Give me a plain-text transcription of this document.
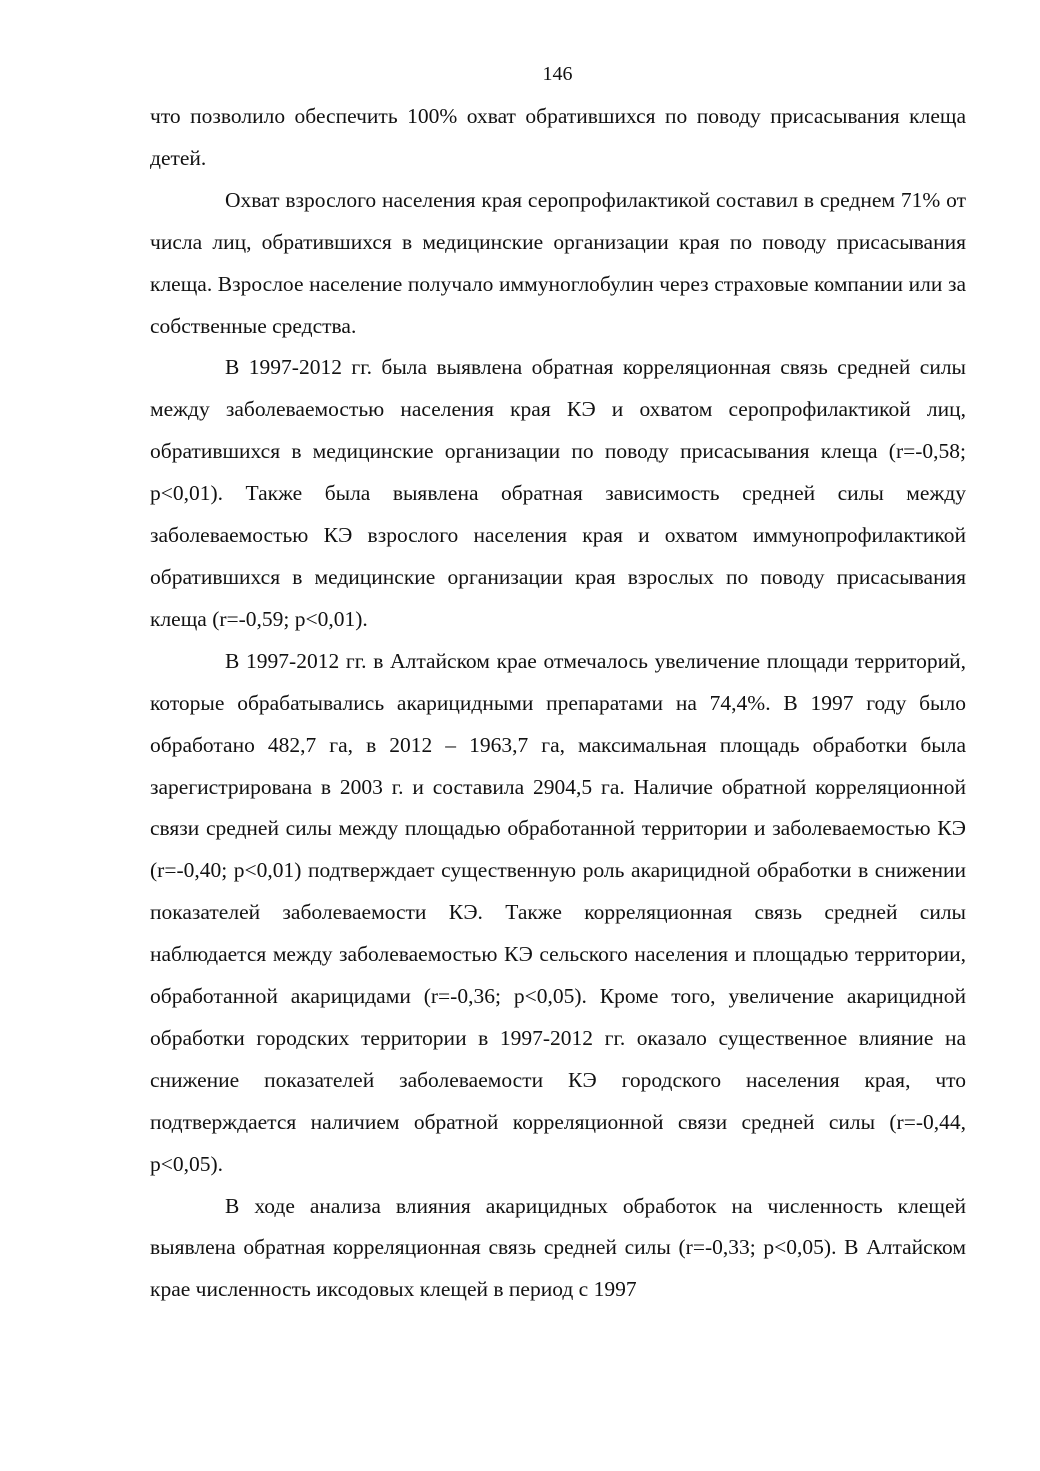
146

что позволило обеспечить 100% охват обратившихся по поводу присасывания клеща детей.

Охват взрослого населения края серопрофилактикой составил в среднем 71% от числа лиц, обратившихся в медицинские организации края по поводу присасывания клеща. Взрослое население получало иммуноглобулин через страховые компании или за собственные средства.

В 1997-2012 гг. была выявлена обратная корреляционная связь средней силы между заболеваемостью населения края КЭ и охватом серопрофилактикой лиц, обратившихся в медицинские организации по поводу присасывания клеща (r=-0,58; p<0,01). Также была выявлена обратная зависимость средней силы между заболеваемостью КЭ взрослого населения края и охватом иммунопрофилактикой обратившихся в медицинские организации края взрослых по поводу присасывания клеща (r=-0,59; p<0,01).

В 1997-2012 гг. в Алтайском крае отмечалось увеличение площади территорий, которые обрабатывались акарицидными препаратами на 74,4%. В 1997 году было обработано 482,7 га, в 2012 – 1963,7 га, максимальная площадь обработки была зарегистрирована в 2003 г. и составила 2904,5 га. Наличие обратной корреляционной связи средней силы между площадью обработанной территории и заболеваемостью КЭ (r=-0,40; p<0,01) подтверждает существенную роль акарицидной обработки в снижении показателей заболеваемости КЭ. Также корреляционная связь средней силы наблюдается между заболеваемостью КЭ сельского населения и площадью территории, обработанной акарицидами (r=-0,36; p<0,05). Кроме того, увеличение акарицидной обработки городских территории в 1997-2012 гг. оказало существенное влияние на снижение показателей заболеваемости КЭ городского населения края, что подтверждается наличием обратной корреляционной связи средней силы (r=-0,44, p<0,05).

В ходе анализа влияния акарицидных обработок на численность клещей выявлена обратная корреляционная связь средней силы (r=-0,33; p<0,05). В Алтайском крае численность иксодовых клещей в период с 1997
